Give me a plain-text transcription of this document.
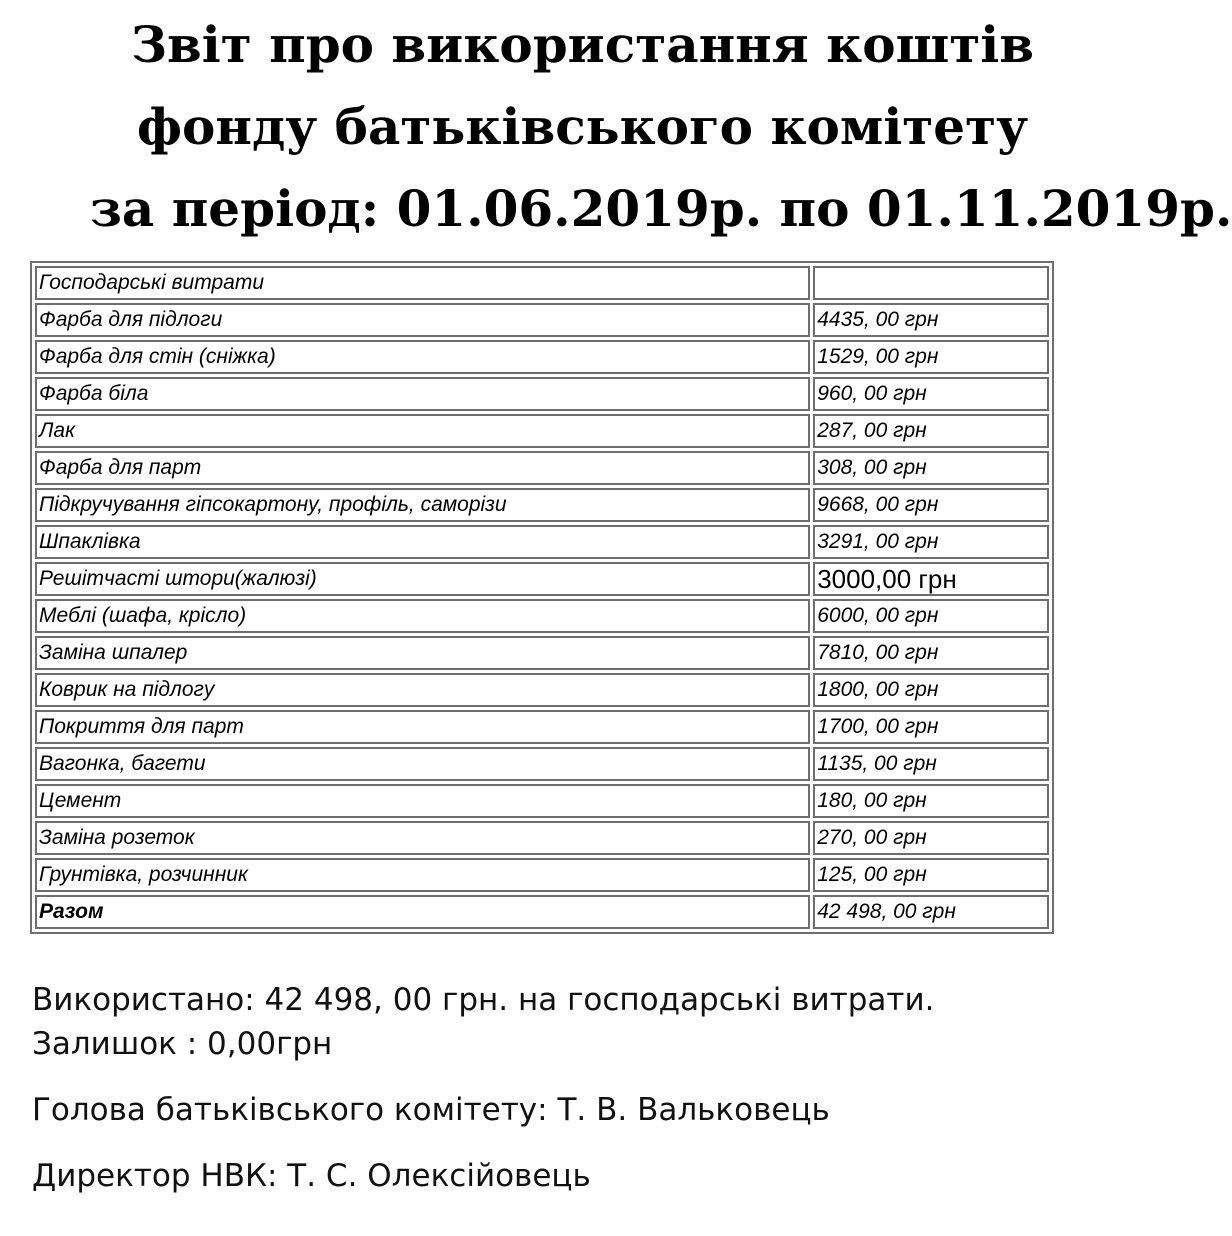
Звіт про використання коштів
фонду батьківського комітету
за період: 01.06.2019р. по 01.11.2019р.
Господарські витрати	
Фарба для підлоги	4435, 00 грн
Фарба для стін (сніжка)	1529, 00 грн
Фарба біла	960, 00 грн
Лак	287, 00 грн
Фарба для парт	308, 00 грн
Підкручування гіпсокартону, профіль, саморізи	9668, 00 грн
Шпаклівка	3291, 00 грн
Решітчасті штори(жалюзі)	3000,00 грн
Меблі (шафа, крісло)	6000, 00 грн
Заміна шпалер	7810, 00 грн
Коврик на підлогу	1800, 00 грн
Покриття для парт	1700, 00 грн
Вагонка, багети	1135, 00 грн
Цемент	180, 00 грн
Заміна розеток	270, 00 грн
Грунтівка, розчинник	125, 00 грн
Разом	42 498, 00 грн

Використано: 42 498, 00 грн. на господарські витрати.

Залишок : 0,00грн

Голова батьківського комітету: Т. В. Вальковець

Директор НВК: Т. С. Олексійовець
